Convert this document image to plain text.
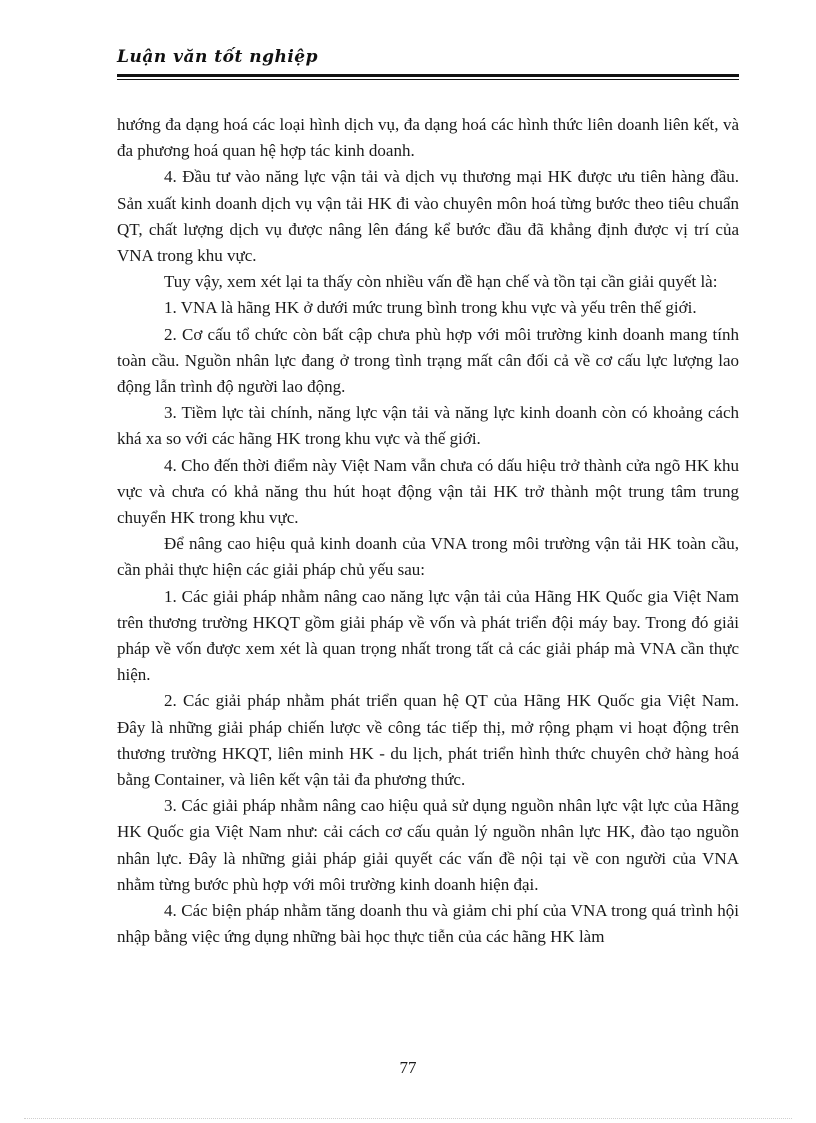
Luận văn tốt nghiệp

hướng đa dạng hoá các loại hình dịch vụ, đa dạng hoá các hình thức liên doanh liên kết, và đa phương hoá quan hệ hợp tác kinh doanh.

4. Đầu tư vào năng lực vận tải và dịch vụ thương mại HK được ưu tiên hàng đầu. Sản xuất kinh doanh dịch vụ vận tải HK đi vào chuyên môn hoá từng bước theo tiêu chuẩn QT, chất lượng dịch vụ được nâng lên đáng kể bước đầu đã khẳng định được vị trí của VNA trong khu vực.

Tuy vậy, xem xét lại ta thấy còn nhiều vấn đề hạn chế và tồn tại cần giải quyết là:

1. VNA là hãng HK ở dưới mức trung bình trong khu vực và yếu trên thế giới.

2. Cơ cấu tổ chức còn bất cập chưa phù hợp với môi trường kinh doanh mang tính toàn cầu. Nguồn nhân lực đang ở trong tình trạng mất cân đối cả về cơ cấu lực lượng lao động lẫn trình độ người lao động.

3. Tiềm lực tài chính, năng lực vận tải và năng lực kinh doanh còn có khoảng cách khá xa so với các hãng HK trong khu vực và thế giới.

4. Cho đến thời điểm này Việt Nam vẫn chưa có dấu hiệu trở thành cửa ngõ HK khu vực và chưa có khả năng thu hút hoạt động vận tải HK trở thành một trung tâm trung chuyển HK trong khu vực.

Để nâng cao hiệu quả kinh doanh của VNA trong môi trường vận tải HK toàn cầu, cần phải thực hiện các giải pháp chủ yếu sau:

1. Các giải pháp nhằm nâng cao năng lực vận tải của Hãng HK Quốc gia Việt Nam trên thương trường HKQT gồm giải pháp về vốn và phát triển đội máy bay. Trong đó giải pháp về vốn được xem xét là quan trọng nhất trong tất cả các giải pháp mà VNA cần thực hiện.

2. Các giải pháp nhằm phát triển quan hệ QT của Hãng HK Quốc gia Việt Nam. Đây là những giải pháp chiến lược về công tác tiếp thị, mở rộng phạm vi hoạt động trên thương trường HKQT, liên minh HK - du lịch, phát triển hình thức chuyên chở hàng hoá bằng Container, và liên kết vận tải đa phương thức.

3. Các giải pháp nhằm nâng cao hiệu quả sử dụng nguồn nhân lực vật lực của Hãng HK Quốc gia Việt Nam như: cải cách cơ cấu quản lý nguồn nhân lực HK, đào tạo nguồn nhân lực. Đây là những giải pháp giải quyết các vấn đề nội tại về con người của VNA nhằm từng bước phù hợp với môi trường kinh doanh hiện đại.

4. Các biện pháp nhằm tăng doanh thu và giảm chi phí của VNA trong quá trình hội nhập bằng việc ứng dụng những bài học thực tiễn của các hãng HK làm

77
